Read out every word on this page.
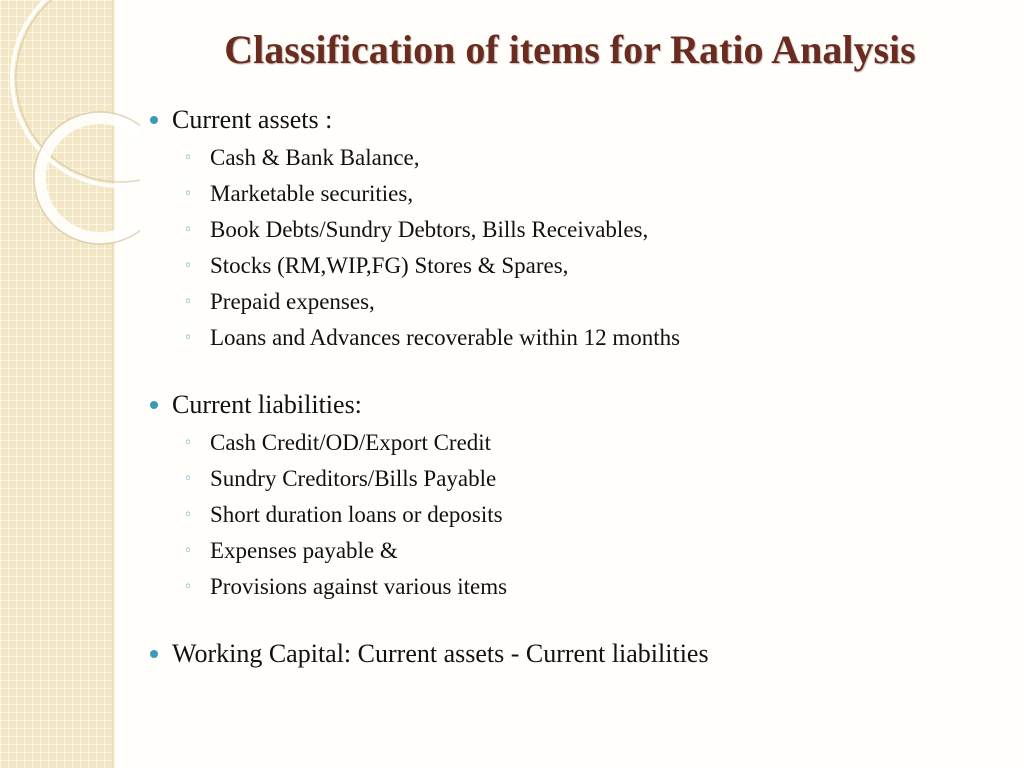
Classification of items for Ratio Analysis
Current assets :
◦ Cash & Bank Balance,
◦ Marketable securities,
◦ Book Debts/Sundry Debtors, Bills Receivables,
◦ Stocks (RM,WIP,FG) Stores & Spares,
◦ Prepaid expenses,
◦ Loans and Advances recoverable within 12 months
Current liabilities:
◦ Cash Credit/OD/Export Credit
◦ Sundry Creditors/Bills Payable
◦ Short duration loans or deposits
◦ Expenses payable &
◦ Provisions against various items
Working Capital: Current assets - Current liabilities
